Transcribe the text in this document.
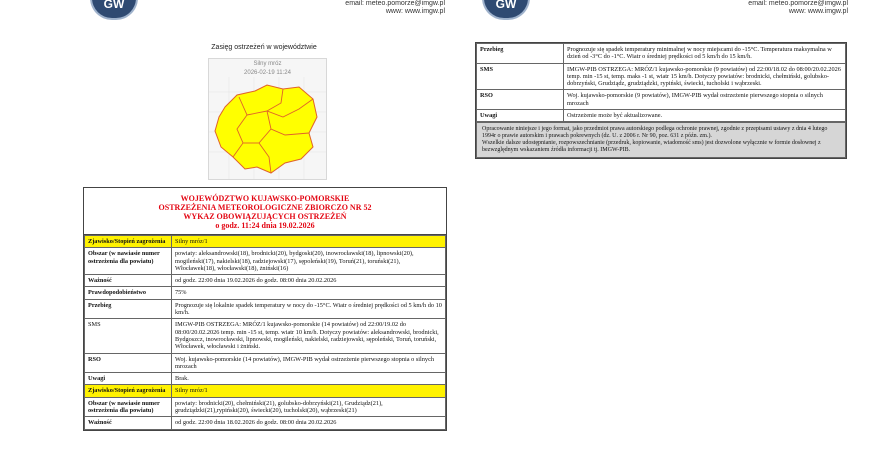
GW	email: meteo.pomorze@imgw.pl
www: www.imgw.pl
Zasięg ostrzeżeń w województwie
Silny mróz
2026-02-19 11:24
WOJEWÓDZTWO KUJAWSKO-POMORSKIE
OSTRZEŻENIA METEOROLOGICZNE ZBIORCZO NR 52
WYKAZ OBOWIĄZUJĄCYCH OSTRZEŻEŃ
o godz. 11:24 dnia 19.02.2026
Zjawisko/Stopień zagrożenia	Silny mróz/1
Obszar (w nawiasie numer ostrzeżenia dla powiatu)	powiaty: aleksandrowski(18), brodnicki(20), bydgoski(20), inowrocławski(18), lipnowski(20), mogileński(17), nakielski(18), radziejowski(17), sępoleński(19), Toruń(21), toruński(21), Włocławek(18), włocławski(18), żniński(16)
Ważność	od godz. 22:00 dnia 19.02.2026 do godz. 08:00 dnia 20.02.2026
Prawdopodobieństwo	75%
Przebieg	Prognozuje się lokalnie spadek temperatury w nocy do -15°C. Wiatr o średniej prędkości od 5 km/h do 10 km/h.
SMS	IMGW-PIB OSTRZEGA: MRÓZ/1 kujawsko-pomorskie (14 powiatów) od 22:00/19.02 do 08:00/20.02.2026 temp. min -15 st, temp. wiatr 10 km/h. Dotyczy powiatów: aleksandrowski, brodnicki, Bydgoszcz, inowrocławski, lipnowski, mogileński, nakielski, radziejowski, sępoleński, Toruń, toruński, Włocławek, włocławski i żniński.
RSO	Woj. kujawsko-pomorskie (14 powiatów), IMGW-PIB wydał ostrzeżenie pierwszego stopnia o silnych mrozach
Uwagi	Brak.
Zjawisko/Stopień zagrożenia	Silny mróz/1
Obszar (w nawiasie numer ostrzeżenia dla powiatu)	powiaty: brodnicki(20), chełmiński(21), golubsko-dobrzyński(21), Grudziądz(21), grudziądzki(21),rypiński(20), świecki(20), tucholski(20), wąbrzeski(21)
Ważność	od godz. 22:00 dnia 18.02.2026 do godz. 08:00 dnia 20.02.2026
GW	email: meteo.pomorze@imgw.pl
www: www.imgw.pl
Przebieg	Prognozuje się spadek temperatury minimalnej w nocy miejscami do -15°C. Temperatura maksymalna w dzień od -3°C do -1°C. Wiatr o średniej prędkości od 5 km/h do 15 km/h.
SMS	IMGW-PIB OSTRZEGA: MRÓZ/1 kujawsko-pomorskie (9 powiatów) od 22:00/18.02 do 08:00/20.02.2026 temp. min -15 st, temp. maks -1 st, wiatr 15 km/h. Dotyczy powiatów: brodnicki, chełmiński, golubsko-dobrzyński, Grudziądz, grudziądzki, rypiński, świecki, tucholski i wąbrzeski.
RSO	Woj. kujawsko-pomorskie (9 powiatów), IMGW-PIB wydał ostrzeżenie pierwszego stopnia o silnych mrozach
Uwagi	Ostrzeżenie może być aktualizowane.
Opracowanie niniejsze i jego format, jako przedmiot prawa autorskiego podlega ochronie prawnej, zgodnie z przepisami ustawy z dnia 4 lutego 1994r o prawie autorskim i prawach pokrewnych (dz. U. z 2006 r. Nr 90, poz. 631 z późn. zm.).
Wszelkie dalsze udostępnianie, rozpowszechnianie (przedruk, kopiowanie, wiadomość sms) jest dozwolone wyłącznie w formie dosłownej z bezwzględnym wskazaniem źródła informacji tj. IMGW-PIB.
